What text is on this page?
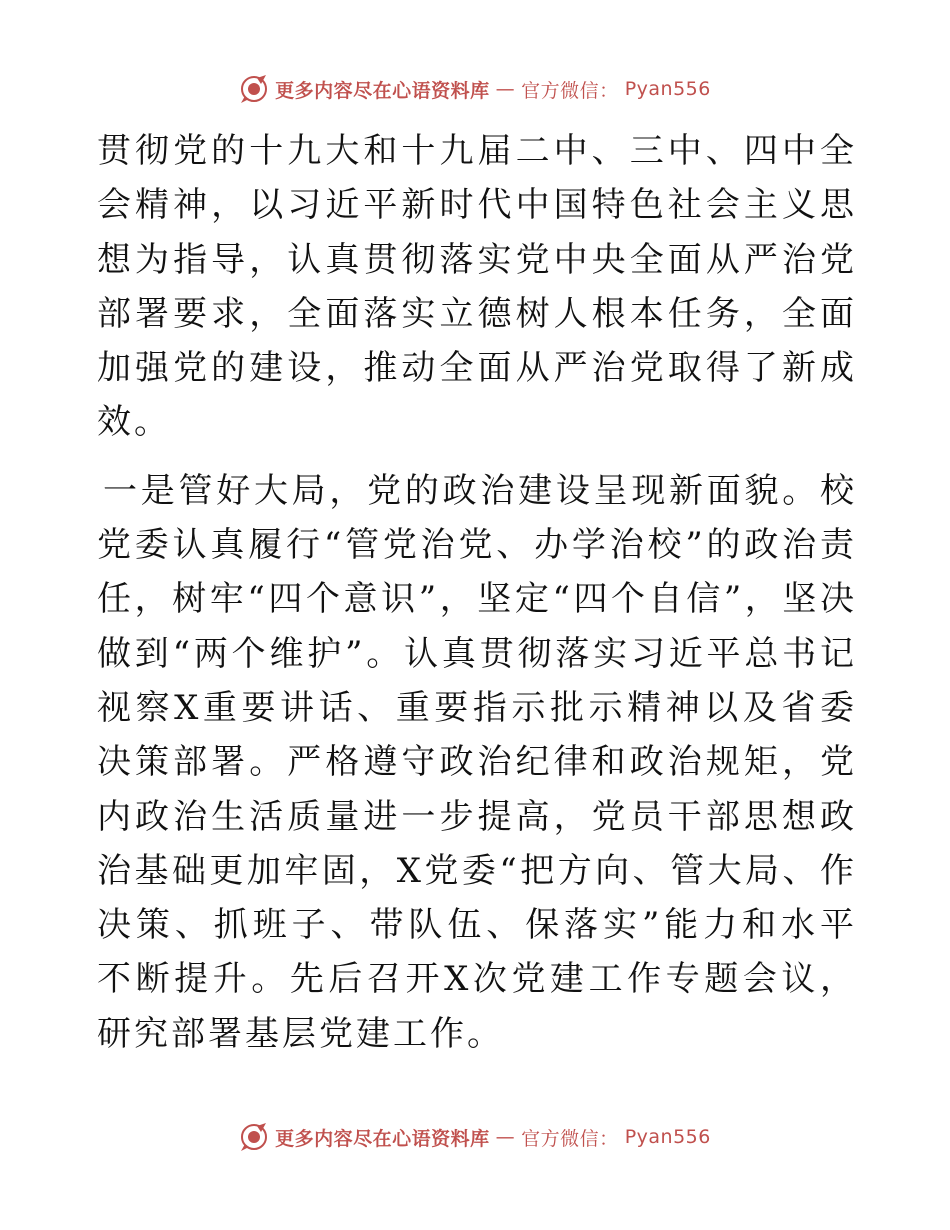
更多内容尽在心语资料库 — 官方微信： Pyan556

贯彻党的十九大和十九届二中、三中、四中全会精神，以习近平新时代中国特色社会主义思想为指导，认真贯彻落实党中央全面从严治党部署要求，全面落实立德树人根本任务，全面加强党的建设，推动全面从严治党取得了新成效。

一是管好大局，党的政治建设呈现新面貌。校党委认真履行“管党治党、办学治校”的政治责任，树牢“四个意识”，坚定“四个自信”，坚决做到“两个维护”。认真贯彻落实习近平总书记视察X重要讲话、重要指示批示精神以及省委决策部署。严格遵守政治纪律和政治规矩，党内政治生活质量进一步提高，党员干部思想政治基础更加牢固，X党委“把方向、管大局、作决策、抓班子、带队伍、保落实”能力和水平不断提升。先后召开X次党建工作专题会议，研究部署基层党建工作。

更多内容尽在心语资料库 — 官方微信： Pyan556
